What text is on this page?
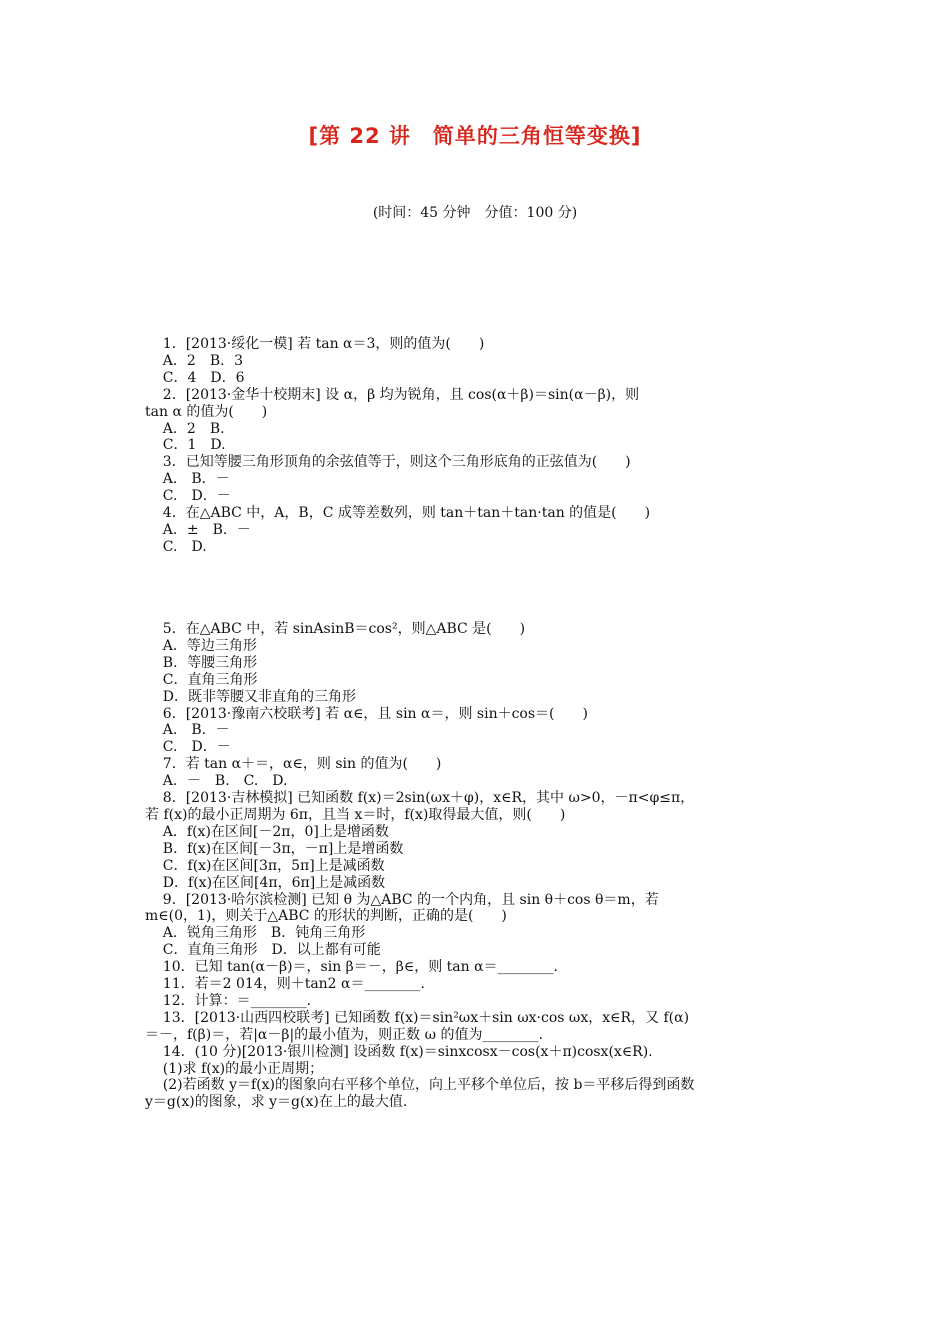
[第 22 讲　简单的三角恒等变换]
(时间：45 分钟　分值：100 分)
1．[2013·绥化一模] 若 tan α＝3，则的值为(　　)
A．2　B．3
C．4　D．6
2．[2013·金华十校期末] 设 α，β 均为锐角，且 cos(α＋β)＝sin(α－β)，则
tan α 的值为(　　)
A．2　B.
C．1　D.
3．已知等腰三角形顶角的余弦值等于，则这个三角形底角的正弦值为(　　)
A.　B．－
C.　D．－
4．在△ABC 中，A，B，C 成等差数列，则 tan＋tan＋tan·tan 的值是(　　)
A．±　B．－
C.　D.
5．在△ABC 中，若 sinAsinB＝cos²，则△ABC 是(　　)
A．等边三角形
B．等腰三角形
C．直角三角形
D．既非等腰又非直角的三角形
6．[2013·豫南六校联考] 若 α∈，且 sin α＝，则 sin＋cos＝(　　)
A.　B．－
C.　D．－
7．若 tan α＋＝，α∈，则 sin 的值为(　　)
A．－　B.　C.　D.
8．[2013·吉林模拟] 已知函数 f(x)＝2sin(ωx＋φ)，x∈R，其中 ω>0，－π<φ≤π，
若 f(x)的最小正周期为 6π，且当 x＝时，f(x)取得最大值，则(　　)
A．f(x)在区间[－2π，0]上是增函数
B．f(x)在区间[－3π，－π]上是增函数
C．f(x)在区间[3π，5π]上是减函数
D．f(x)在区间[4π，6π]上是减函数
9．[2013·哈尔滨检测] 已知 θ 为△ABC 的一个内角，且 sin θ＋cos θ＝m，若
m∈(0，1)，则关于△ABC 的形状的判断，正确的是(　　)
A．锐角三角形　B．钝角三角形
C．直角三角形　D．以上都有可能
10．已知 tan(α－β)＝，sin β＝－，β∈，则 tan α＝________.
11．若＝2 014，则＋tan2 α＝________.
12．计算：＝________.
13．[2013·山西四校联考] 已知函数 f(x)＝sin²ωx＋sin ωx·cos ωx，x∈R，又 f(α)
＝－，f(β)＝，若|α－β|的最小值为，则正数 ω 的值为________.
14．(10 分)[2013·银川检测] 设函数 f(x)＝sinxcosx－cos(x＋π)cosx(x∈R).
(1)求 f(x)的最小正周期；
(2)若函数 y＝f(x)的图象向右平移个单位，向上平移个单位后，按 b＝平移后得到函数
y＝g(x)的图象，求 y＝g(x)在上的最大值.
